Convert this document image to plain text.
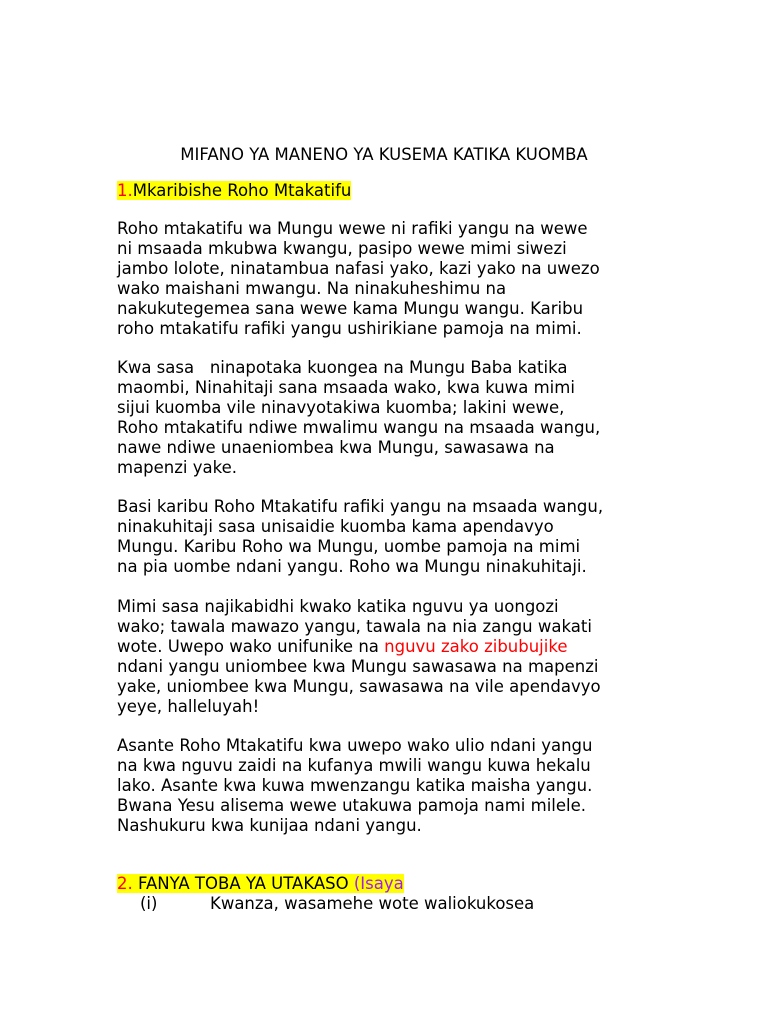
MIFANO YA MANENO YA KUSEMA KATIKA KUOMBA
1.Mkaribishe Roho Mtakatifu
Roho mtakatifu wa Mungu wewe ni rafiki yangu na wewe
ni msaada mkubwa kwangu, pasipo wewe mimi siwezi
jambo lolote, ninatambua nafasi yako, kazi yako na uwezo
wako maishani mwangu. Na ninakuheshimu na
nakukutegemea sana wewe kama Mungu wangu. Karibu
roho mtakatifu rafiki yangu ushirikiane pamoja na mimi.
Kwa sasa   ninapotaka kuongea na Mungu Baba katika
maombi, Ninahitaji sana msaada wako, kwa kuwa mimi
sijui kuomba vile ninavyotakiwa kuomba; lakini wewe,
Roho mtakatifu ndiwe mwalimu wangu na msaada wangu,
nawe ndiwe unaeniombea kwa Mungu, sawasawa na
mapenzi yake.
Basi karibu Roho Mtakatifu rafiki yangu na msaada wangu,
ninakuhitaji sasa unisaidie kuomba kama apendavyo
Mungu. Karibu Roho wa Mungu, uombe pamoja na mimi
na pia uombe ndani yangu. Roho wa Mungu ninakuhitaji.
Mimi sasa najikabidhi kwako katika nguvu ya uongozi
wako; tawala mawazo yangu, tawala na nia zangu wakati
wote. Uwepo wako unifunike na nguvu zako zibubujike
ndani yangu uniombee kwa Mungu sawasawa na mapenzi
yake, uniombee kwa Mungu, sawasawa na vile apendavyo
yeye, halleluyah!
Asante Roho Mtakatifu kwa uwepo wako ulio ndani yangu
na kwa nguvu zaidi na kufanya mwili wangu kuwa hekalu
lako. Asante kwa kuwa mwenzangu katika maisha yangu.
Bwana Yesu alisema wewe utakuwa pamoja nami milele.
Nashukuru kwa kunijaa ndani yangu.
2. FANYA TOBA YA UTAKASO (Isaya
(i)	Kwanza, wasamehe wote waliokukosea
